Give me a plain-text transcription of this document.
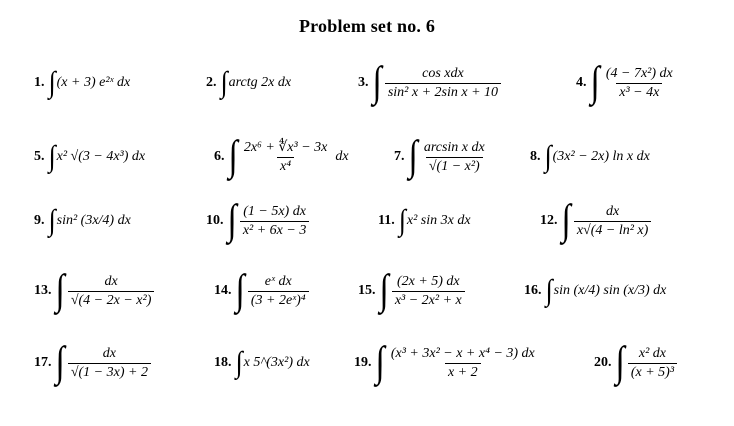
Problem set no. 6
1. ∫ (x + 3) e²ˣ dx	2. ∫ arctg 2x dx	3. ∫ $\frac{\text{cos xdx}}{\text{sin² x + 2sin x + 10}}$	4. ∫ $\frac{\text{(4 − 7x²) dx}}{\text{x³ − 4x}}$
5. ∫ x² √(3 − 4x³) dx	6. ∫ $\frac{\text{2x⁶ + ∜x³ − 3x}}{\text{x⁴}}$ dx	7. ∫ $\frac{\text{arcsin x dx}}{\text{√(1 − x²)}}$	8. ∫ (3x² − 2x) ln x dx
9. ∫ sin² (3x/4) dx	10. ∫ $\frac{(1 - 5x) dx}{\text{x² + 6x − 3}}$	11. ∫ x² sin 3x dx	12. ∫ $\frac{dx}{\text{x√(4 − ln² x)}}$
13. ∫ $\frac{dx}{\text{√(4 − 2x − x²)}}$	14. ∫ $\frac{\text{eˣ dx}}{\text{(3 + 2eˣ)⁴}}$	15. ∫ $\frac{(2x + 5) dx}{\text{x³ − 2x² + x}}$	16. ∫ sin (x/4) sin (x/3) dx
17. ∫ $\frac{dx}{√(1 - 3x) + 2}$	18. ∫ x 5^(3x²) dx	19. ∫ $\frac{\text{(x³ + 3x² − x + x⁴ − 3) dx}}{x + 2}$	20. ∫ $\frac{\text{x² dx}}{\text{(x + 5)³}}$
